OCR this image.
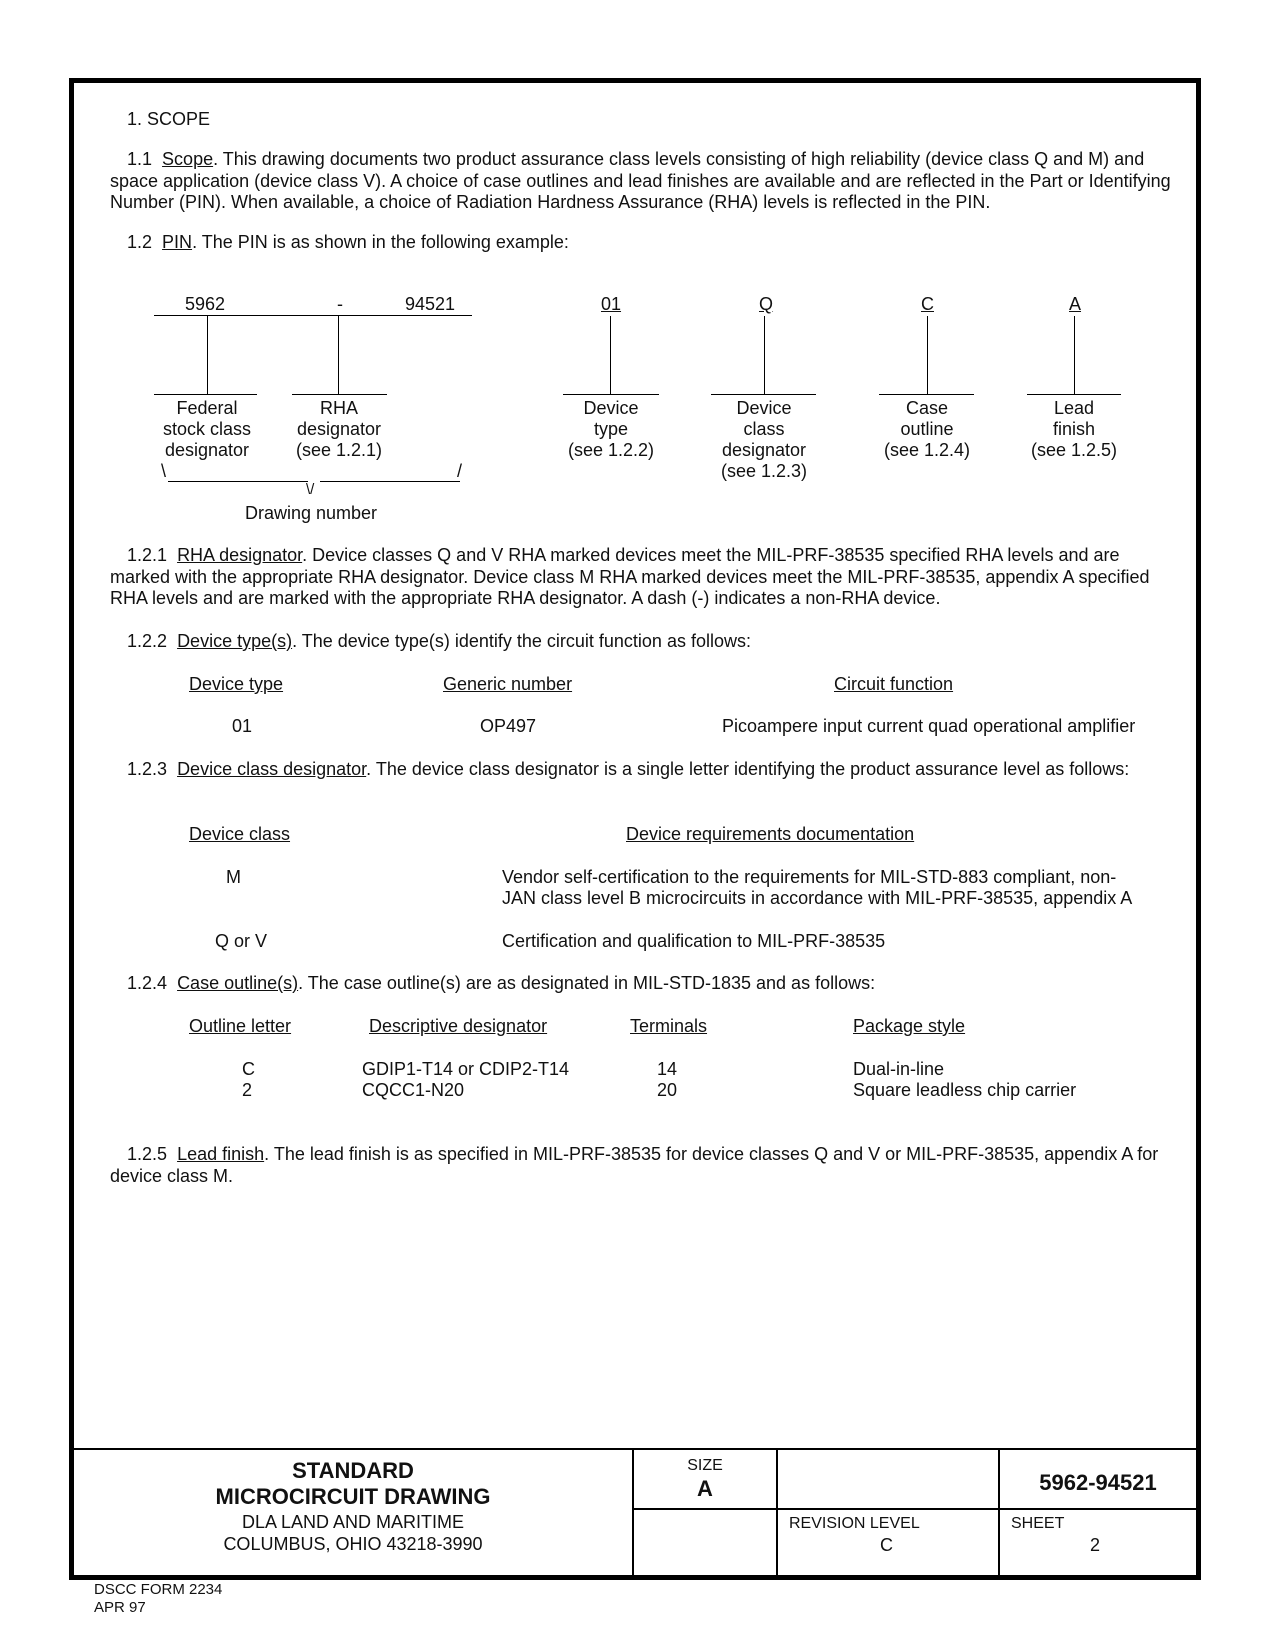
1. SCOPE
1.1 Scope. This drawing documents two product assurance class levels consisting of high reliability (device class Q and M) and space application (device class V). A choice of case outlines and lead finishes are available and are reflected in the Part or Identifying Number (PIN). When available, a choice of Radiation Hardness Assurance (RHA) levels is reflected in the PIN.
1.2 PIN. The PIN is as shown in the following example:
5962	-	94521	01	Q	C	A
Federal
stock class
designator
RHA
designator
(see 1.2.1)
Device
type
(see 1.2.2)
Device
class
designator
(see 1.2.3)
Case
outline
(see 1.2.4)
Lead
finish
(see 1.2.5)
\	/
\/
Drawing number
1.2.1 RHA designator. Device classes Q and V RHA marked devices meet the MIL-PRF-38535 specified RHA levels and are marked with the appropriate RHA designator. Device class M RHA marked devices meet the MIL-PRF-38535, appendix A specified RHA levels and are marked with the appropriate RHA designator. A dash (-) indicates a non-RHA device.
1.2.2 Device type(s). The device type(s) identify the circuit function as follows:
Device type	Generic number	Circuit function
01	OP497	Picoampere input current quad operational amplifier
1.2.3 Device class designator. The device class designator is a single letter identifying the product assurance level as follows:
Device class	Device requirements documentation
M	Vendor self-certification to the requirements for MIL-STD-883 compliant, non-
JAN class level B microcircuits in accordance with MIL-PRF-38535, appendix A
Q or V	Certification and qualification to MIL-PRF-38535
1.2.4 Case outline(s). The case outline(s) are as designated in MIL-STD-1835 and as follows:
Outline letter	Descriptive designator	Terminals	Package style
C	GDIP1-T14 or CDIP2-T14	14	Dual-in-line
2	CQCC1-N20	20	Square leadless chip carrier
1.2.5 Lead finish. The lead finish is as specified in MIL-PRF-38535 for device classes Q and V or MIL-PRF-38535, appendix A for device class M.
STANDARD
MICROCIRCUIT DRAWING
DLA LAND AND MARITIME
COLUMBUS, OHIO 43218-3990
SIZE
A	5962-94521
REVISION LEVEL
C
SHEET
2
DSCC FORM 2234
APR 97
